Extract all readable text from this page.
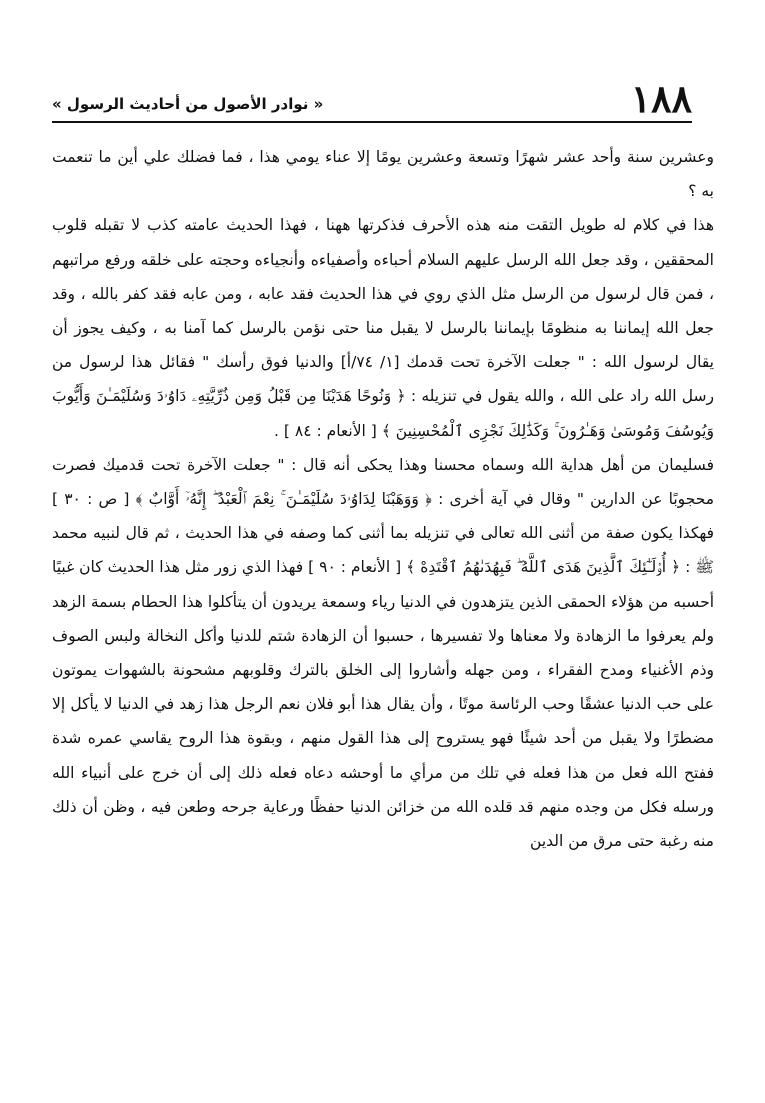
١٨٨
« نوادر الأصول من أحاديث الرسول »

وعشرين سنة وأحد عشر شهرًا وتسعة وعشرين يومًا إلا عناء يومي هذا ، فما فضلك علي أين ما تنعمت به ؟

هذا في كلام له طويل التقت منه هذه الأحرف فذكرتها ههنا ، فهذا الحديث عامته كذب لا تقبله قلوب المحققين ، وقد جعل الله الرسل عليهم السلام أحباءه وأصفياءه وأنجياءه وحجته على خلقه ورفع مراتبهم ، فمن قال لرسول من الرسل مثل الذي روي في هذا الحديث فقد عابه ، ومن عابه فقد كفر بالله ، وقد جعل الله إيماننا به منظومًا بإيماننا بالرسل لا يقبل منا حتى نؤمن بالرسل كما آمنا به ، وكيف يجوز أن يقال لرسول الله : " جعلت الآخرة تحت قدمك [١/ ٧٤/أ] والدنيا فوق رأسك " فقائل هذا لرسول من رسل الله راد على الله ، والله يقول في تنزيله : ﴿ وَنُوحًا هَدَيْنَا مِن قَبْلُ وَمِن ذُرِّيَّتِهِۦ دَاوُۥدَ وَسُلَيْمَـٰنَ وَأَيُّوبَ وَيُوسُفَ وَمُوسَىٰ وَهَـٰرُونَ ۚ وَكَذَٰلِكَ نَجْزِى ٱلْمُحْسِنِينَ ﴾ [ الأنعام : ٨٤ ] .

فسليمان من أهل هداية الله وسماه محسنا وهذا يحكى أنه قال : " جعلت الآخرة تحت قدميك فصرت محجوبًا عن الدارين " وقال في آية أخرى : ﴿ وَوَهَبْنَا لِدَاوُۥدَ سُلَيْمَـٰنَ ۚ نِعْمَ ٱلْعَبْدُ ۖ إِنَّهُۥٓ أَوَّابٌ ﴾ [ ص : ٣٠ ] فهكذا يكون صفة من أثنى الله تعالى في تنزيله بما أثنى كما وصفه في هذا الحديث ، ثم قال لنبيه محمد ﷺ : ﴿ أُو۟لَـٰٓئِكَ ٱلَّذِينَ هَدَى ٱللَّهُ ۖ فَبِهُدَىٰهُمُ ٱقْتَدِهْ ﴾ [ الأنعام : ٩٠ ] فهذا الذي زور مثل هذا الحديث كان غبيًا أحسبه من هؤلاء الحمقى الذين يتزهدون في الدنيا رياء وسمعة يريدون أن يتأكلوا هذا الحطام بسمة الزهد ولم يعرفوا ما الزهادة ولا معناها ولا تفسيرها ، حسبوا أن الزهادة شتم للدنيا وأكل النخالة ولبس الصوف وذم الأغنياء ومدح الفقراء ، ومن جهله وأشاروا إلى الخلق بالترك وقلوبهم مشحونة بالشهوات يموتون على حب الدنيا عشقًا وحب الرئاسة موتًا ، وأن يقال هذا أبو فلان نعم الرجل هذا زهد في الدنيا لا يأكل إلا مضطرًا ولا يقبل من أحد شيئًا فهو يستروح إلى هذا القول منهم ، وبقوة هذا الروح يقاسي عمره شدة ففتح الله فعل من هذا فعله في تلك من مرأي ما أوحشه دعاه فعله ذلك إلى أن خرج على أنبياء الله ورسله فكل من وجده منهم قد قلده الله من خزائن الدنيا حفظًا ورعاية جرحه وطعن فيه ، وظن أن ذلك منه رغبة حتى مرق من الدين
